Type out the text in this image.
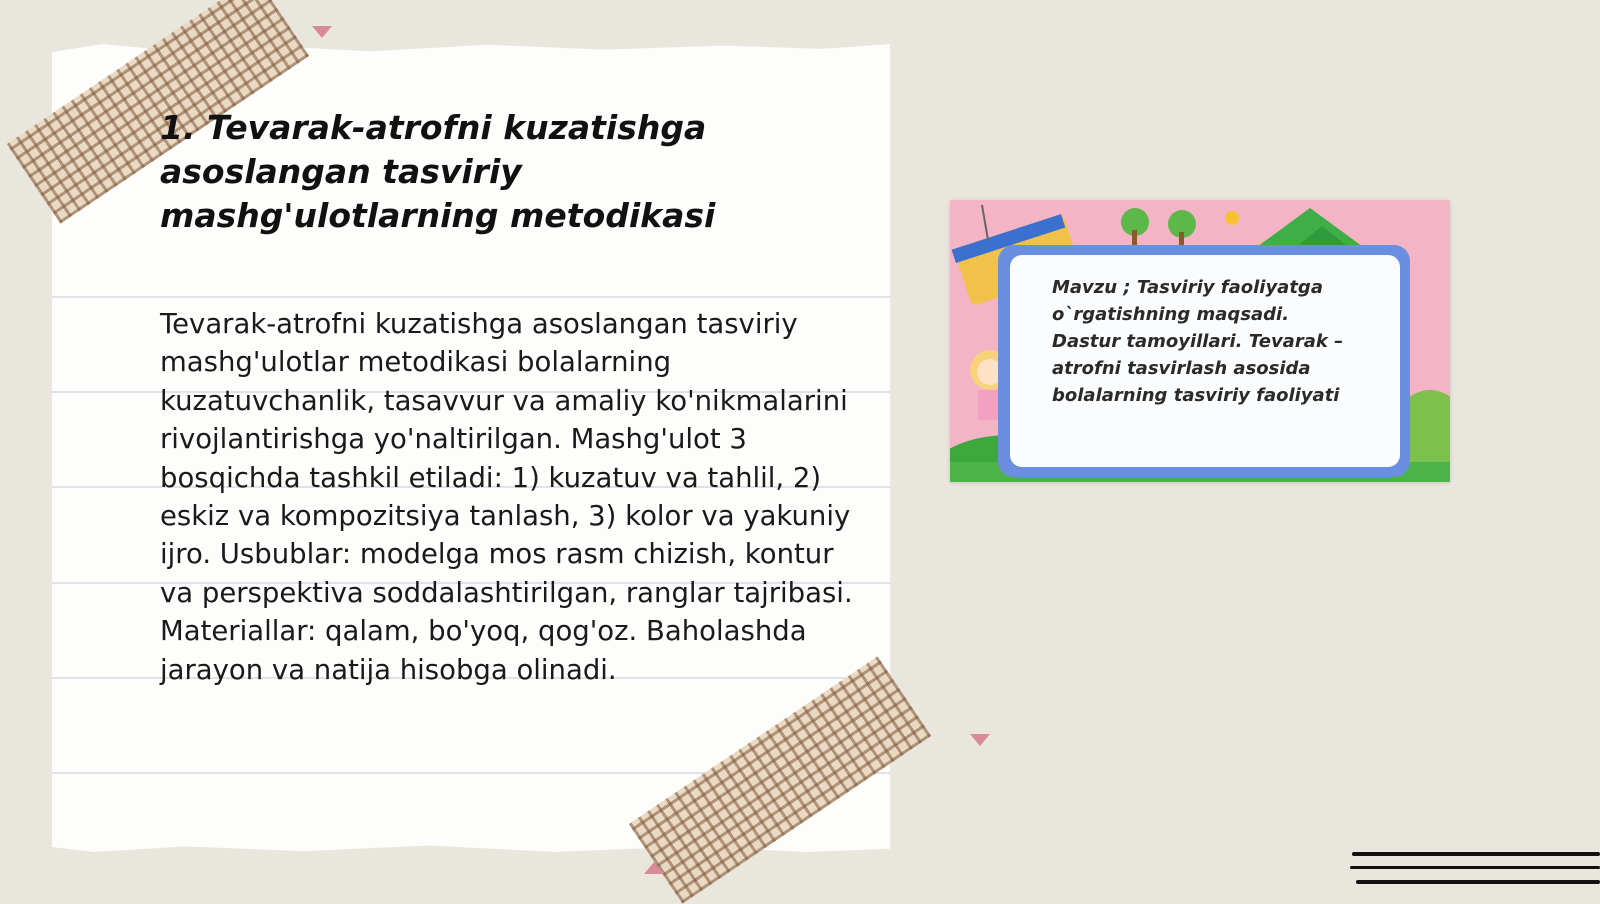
1. Tevarak-atrofni kuzatishga asoslangan tasviriy mashg'ulotlarning metodikasi

Tevarak-atrofni kuzatishga asoslangan tasviriy mashg'ulotlar metodikasi bolalarning kuzatuvchanlik, tasavvur va amaliy ko'nikmalarini rivojlantirishga yo'naltirilgan. Mashg'ulot 3 bosqichda tashkil etiladi: 1) kuzatuv va tahlil, 2) eskiz va kompozitsiya tanlash, 3) kolor va yakuniy ijro. Usbublar: modelga mos rasm chizish, kontur va perspektiva soddalashtirilgan, ranglar tajribasi. Materiallar: qalam, bo'yoq, qog'oz. Baholashda jarayon va natija hisobga olinadi.

Mavzu ; Tasviriy faoliyatga o`rgatishning maqsadi. Dastur tamoyillari. Tevarak – atrofni tasvirlash asosida bolalarning tasviriy faoliyati
